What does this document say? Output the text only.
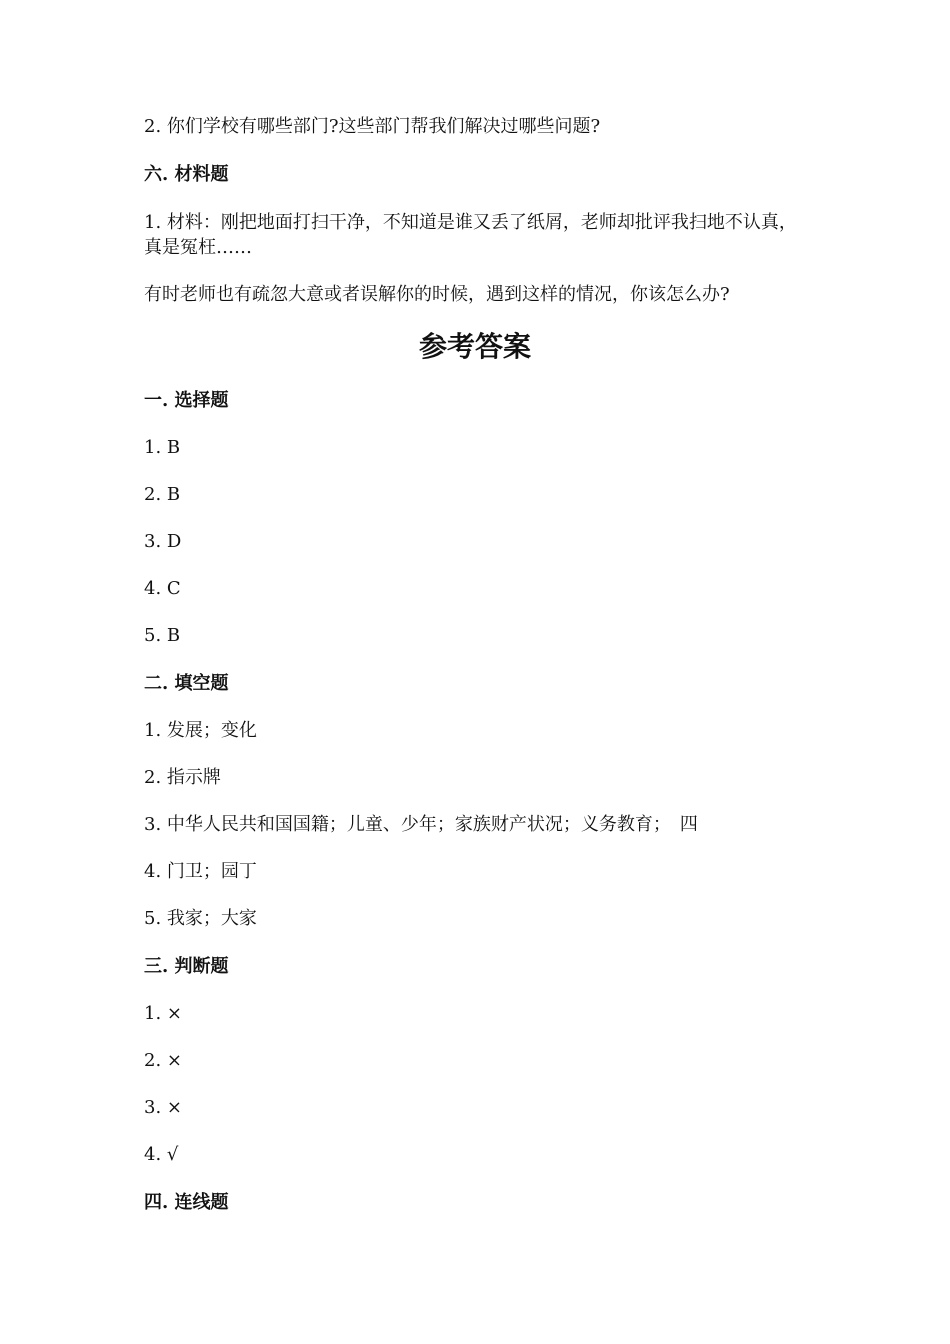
2. 你们学校有哪些部门?这些部门帮我们解决过哪些问题?
六. 材料题
1. 材料：刚把地面打扫干净，不知道是谁又丢了纸屑，老师却批评我扫地不认真，
真是冤枉……
有时老师也有疏忽大意或者误解你的时候，遇到这样的情况，你该怎么办?
参考答案
一. 选择题
1. B
2. B
3. D
4. C
5. B
二. 填空题
1. 发展；变化
2. 指示牌
3. 中华人民共和国国籍；儿童、少年；家族财产状况；义务教育；　四
4. 门卫；园丁
5. 我家；大家
三. 判断题
1. ×
2. ×
3. ×
4. √
四. 连线题
